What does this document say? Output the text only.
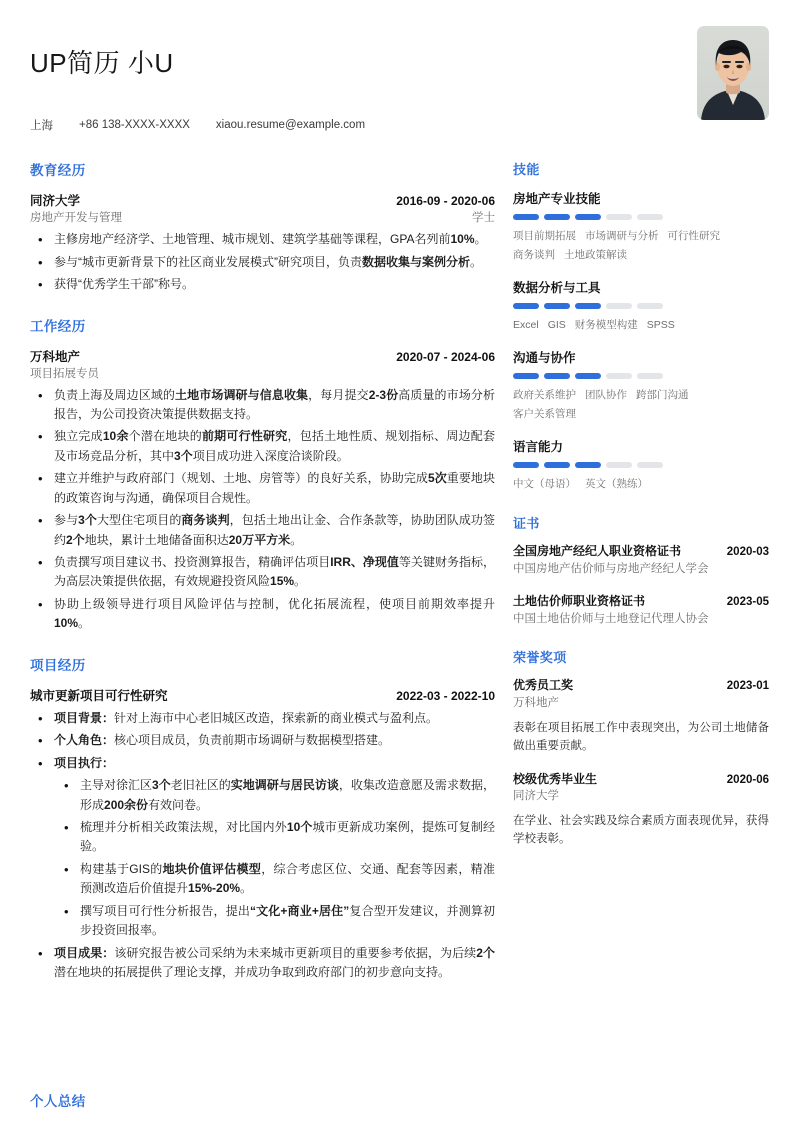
UP简历 小U
上海 +86 138-XXXX-XXXX xiaou.resume@example.com
教育经历
同济大学	2016-09 - 2020-06
房地产开发与管理	学士
• 主修房地产经济学、土地管理、城市规划、建筑学基础等课程，GPA名列前10%。
• 参与“城市更新背景下的社区商业发展模式”研究项目，负责数据收集与案例分析。
• 获得“优秀学生干部”称号。
工作经历
万科地产	2020-07 - 2024-06
项目拓展专员
• 负责上海及周边区域的土地市场调研与信息收集，每月提交2-3份高质量的市场分析报告，为公司投资决策提供数据支持。
• 独立完成10余个潜在地块的前期可行性研究，包括土地性质、规划指标、周边配套及市场竞品分析，其中3个项目成功进入深度洽谈阶段。
• 建立并维护与政府部门（规划、土地、房管等）的良好关系，协助完成5次重要地块的政策咨询与沟通，确保项目合规性。
• 参与3个大型住宅项目的商务谈判，包括土地出让金、合作条款等，协助团队成功签约2个地块，累计土地储备面积达20万平方米。
• 负责撰写项目建议书、投资测算报告，精确评估项目IRR、净现值等关键财务指标，为高层决策提供依据，有效规避投资风险15%。
• 协助上级领导进行项目风险评估与控制，优化拓展流程，使项目前期效率提升10%。
项目经历
城市更新项目可行性研究	2022-03 - 2022-10
• 项目背景：针对上海市中心老旧城区改造，探索新的商业模式与盈利点。
• 个人角色：核心项目成员，负责前期市场调研与数据模型搭建。
• 项目执行：
• 主导对徐汇区3个老旧社区的实地调研与居民访谈，收集改造意愿及需求数据，形成200余份有效问卷。
• 梳理并分析相关政策法规，对比国内外10个城市更新成功案例，提炼可复制经验。
• 构建基于GIS的地块价值评估模型，综合考虑区位、交通、配套等因素，精准预测改造后价值提升15%-20%。
• 撰写项目可行性分析报告，提出“文化+商业+居住”复合型开发建议，并测算初步投资回报率。
• 项目成果：该研究报告被公司采纳为未来城市更新项目的重要参考依据，为后续2个潜在地块的拓展提供了理论支撑，并成功争取到政府部门的初步意向支持。
个人总结
技能
房地产专业技能
项目前期拓展 市场调研与分析 可行性研究商务谈判 土地政策解读
数据分析与工具
Excel GIS 财务模型构建 SPSS
沟通与协作
政府关系维护 团队协作 跨部门沟通客户关系管理
语言能力
中文（母语） 英文（熟练）
证书
全国房地产经纪人职业资格证书	2020-03
中国房地产估价师与房地产经纪人学会
土地估价师职业资格证书	2023-05
中国土地估价师与土地登记代理人协会
荣誉奖项
优秀员工奖	2023-01
万科地产
表彰在项目拓展工作中表现突出，为公司土地储备做出重要贡献。
校级优秀毕业生	2020-06
同济大学
在学业、社会实践及综合素质方面表现优异，获得学校表彰。
